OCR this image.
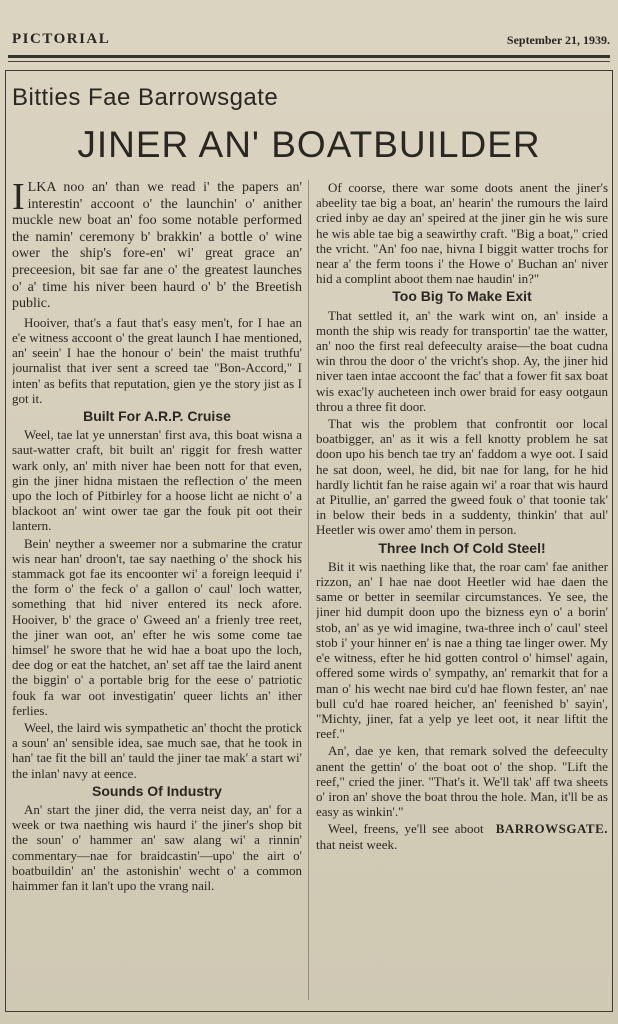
PICTORIAL	September 21, 1939.
Bitties Fae Barrowsgate
JINER AN' BOATBUILDER

ILKA noo an' than we read i' the papers an' interestin' accoont o' the launchin' o' anither muckle new boat an' foo some notable performed the namin' ceremony b' brakkin' a bottle o' wine ower the ship's fore-en' wi' great grace an' preceesion, bit sae far ane o' the greatest launches o' a' time his niver been haurd o' b' the Breetish public.

Hooiver, that's a faut that's easy men't, for I hae an e'e witness accoont o' the great launch I hae mentioned, an' seein' I hae the honour o' bein' the maist truthfu' journalist that iver sent a screed tae "Bon-Accord," I inten' as befits that reputation, gien ye the story jist as I got it.

Built For A.R.P. Cruise

Weel, tae lat ye unnerstan' first ava, this boat wisna a saut-watter craft, bit built an' riggit for fresh watter wark only, an' mith niver hae been nott for that even, gin the jiner hidna mistaen the reflection o' the meen upo the loch of Pitbirley for a hoose licht ae nicht o' a blackoot an' wint ower tae gar the fouk pit oot their lantern.

Bein' neyther a sweemer nor a submarine the cratur wis near han' droon't, tae say naething o' the shock his stammack got fae its encoonter wi' a foreign leequid i' the form o' the feck o' a gallon o' caul' loch watter, something that hid niver entered its neck afore. Hooiver, b' the grace o' Gweed an' a frienly tree reet, the jiner wan oot, an' efter he wis some come tae himsel' he swore that he wid hae a boat upo the loch, dee dog or eat the hatchet, an' set aff tae the laird anent the biggin' o' a portable brig for the eese o' patriotic fouk fa war oot investigatin' queer lichts an' ither ferlies.

Weel, the laird wis sympathetic an' thocht the protick a soun' an' sensible idea, sae much sae, that he took in han' tae fit the bill an' tauld the jiner tae mak' a start wi' the inlan' navy at eence.

Sounds Of Industry

An' start the jiner did, the verra neist day, an' for a week or twa naething wis haurd i' the jiner's shop bit the soun' o' hammer an' saw alang wi' a rinnin' commentary—nae for braidcastin'—upo' the airt o' boatbuildin' an' the astonishin' wecht o' a common haimmer fan it lan't upo the vrang nail.

Of coorse, there war some doots anent the jiner's abeelity tae big a boat, an' hearin' the rumours the laird cried inby ae day an' speired at the jiner gin he wis sure he wis able tae big a seawirthy craft. "Big a boat," cried the vricht. "An' foo nae, hivna I biggit watter trochs for near a' the ferm toons i' the Howe o' Buchan an' niver hid a complint aboot them nae haudin' in?"

Too Big To Make Exit

That settled it, an' the wark wint on, an' inside a month the ship wis ready for transportin' tae the watter, an' noo the first real defeeculty araise—the boat cudna win throu the door o' the vricht's shop. Ay, the jiner hid niver taen intae accoont the fac' that a fower fit sax boat wis exac'ly aucheteen inch ower braid for easy ootgaun throu a three fit door.

That wis the problem that confrontit oor local boatbigger, an' as it wis a fell knotty problem he sat doon upo his bench tae try an' faddom a wye oot. I said he sat doon, weel, he did, bit nae for lang, for he hid hardly lichtit fan he raise again wi' a roar that wis haurd at Pitullie, an' garred the gweed fouk o' that toonie tak' in below their beds in a suddenty, thinkin' that aul' Heetler wis ower amo' them in person.

Three Inch Of Cold Steel!

Bit it wis naething like that, the roar cam' fae anither rizzon, an' I hae nae doot Heetler wid hae daen the same or better in seemilar circumstances. Ye see, the jiner hid dumpit doon upo the bizness eyn o' a borin' stob, an' as ye wid imagine, twa-three inch o' caul' steel stob i' your hinner en' is nae a thing tae linger ower. My e'e witness, efter he hid gotten control o' himsel' again, offered some wirds o' sympathy, an' remarkit that for a man o' his wecht nae bird cu'd hae flown fester, an' nae bull cu'd hae roared heicher, an' feenished b' sayin', "Michty, jiner, fat a yelp ye leet oot, it near liftit the reef."

An', dae ye ken, that remark solved the defeeculty anent the gettin' o' the boat oot o' the shop. "Lift the reef," cried the jiner. "That's it. We'll tak' aff twa sheets o' iron an' shove the boat throu the hole. Man, it'll be as easy as winkin'."

Weel, freens, ye'll see aboot that neist week.
BARROWSGATE.
